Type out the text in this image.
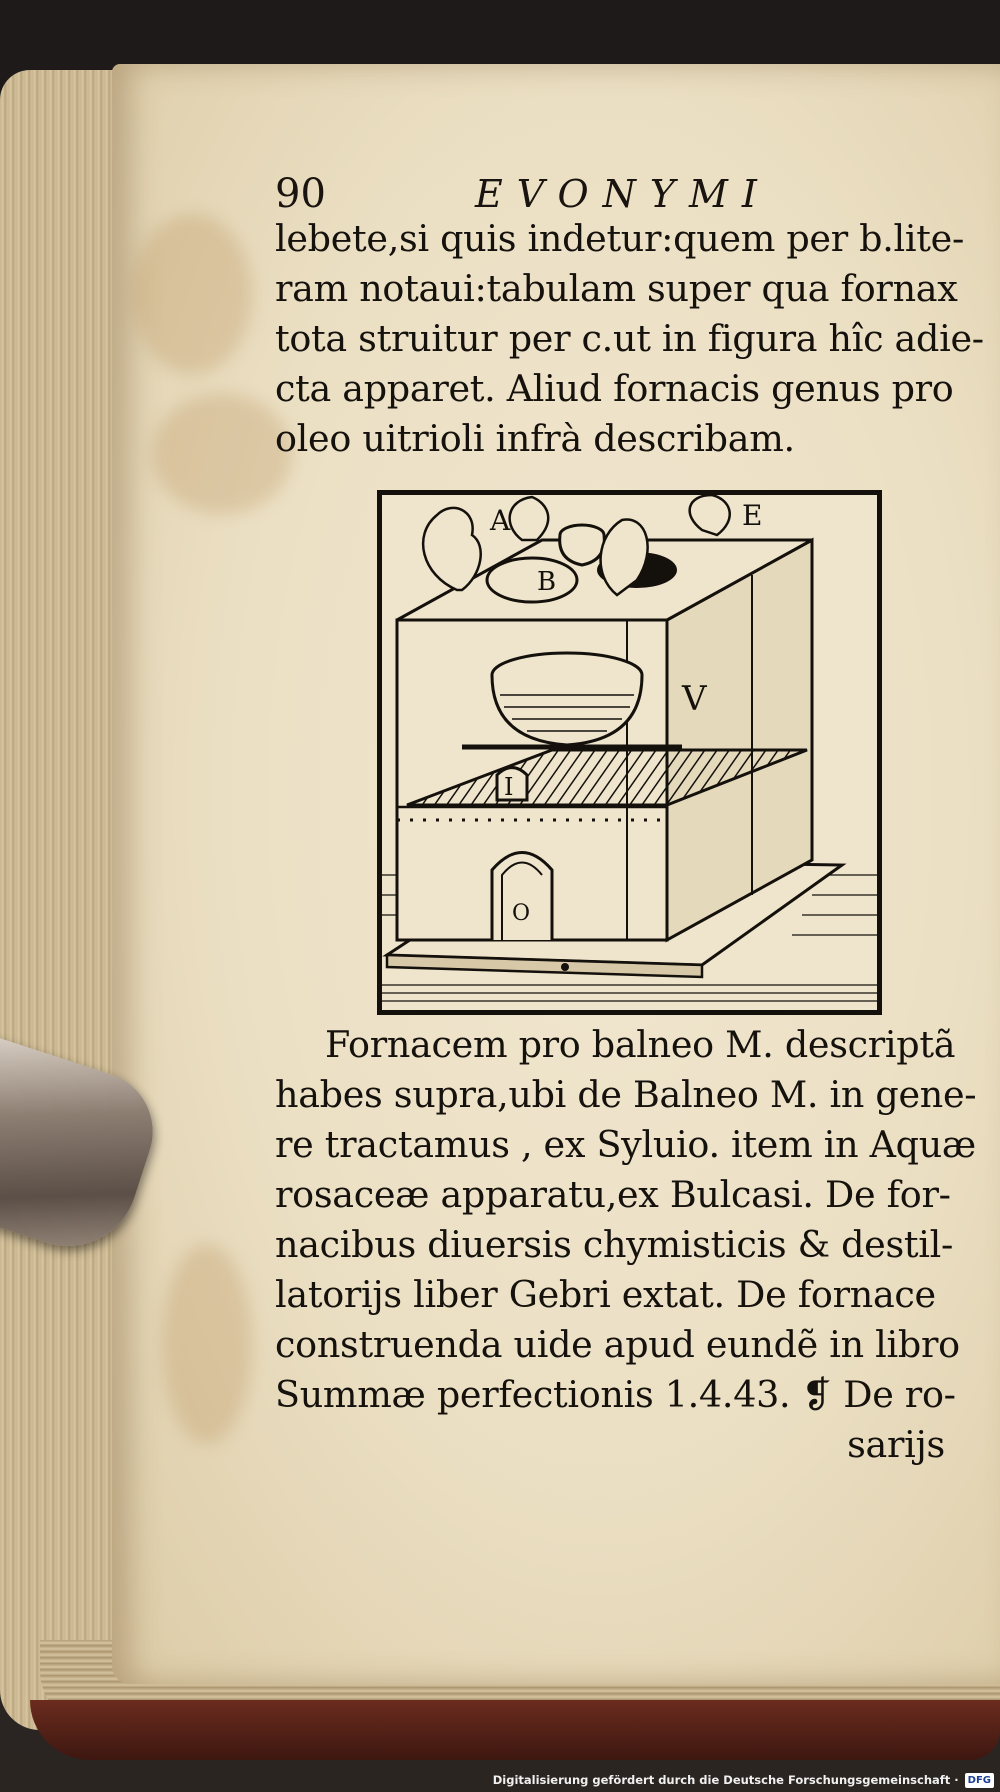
90	EVONYMI
lebete,si quis indetur:quem per b.lite-
ram notaui:tabulam super qua fornax
tota struitur per c.ut in figura hîc adie-
cta apparet. Aliud fornacis genus pro
oleo uitrioli infrà describam.
A
B
E
V
I
O
Fornacem pro balneo M. descriptã
habes supra,ubi de Balneo M. in gene-
re tractamus , ex Syluio. item in Aquæ
rosaceæ apparatu,ex Bulcasi. De for-
nacibus diuersis chymisticis & destil-
latorijs liber Gebri extat. De fornace
construenda uide apud eundẽ in libro
Summæ perfectionis 1.4.43. ❡ De ro-
sarijs
Digitalisierung gefördert durch die Deutsche Forschungsgemeinschaft · DFG
